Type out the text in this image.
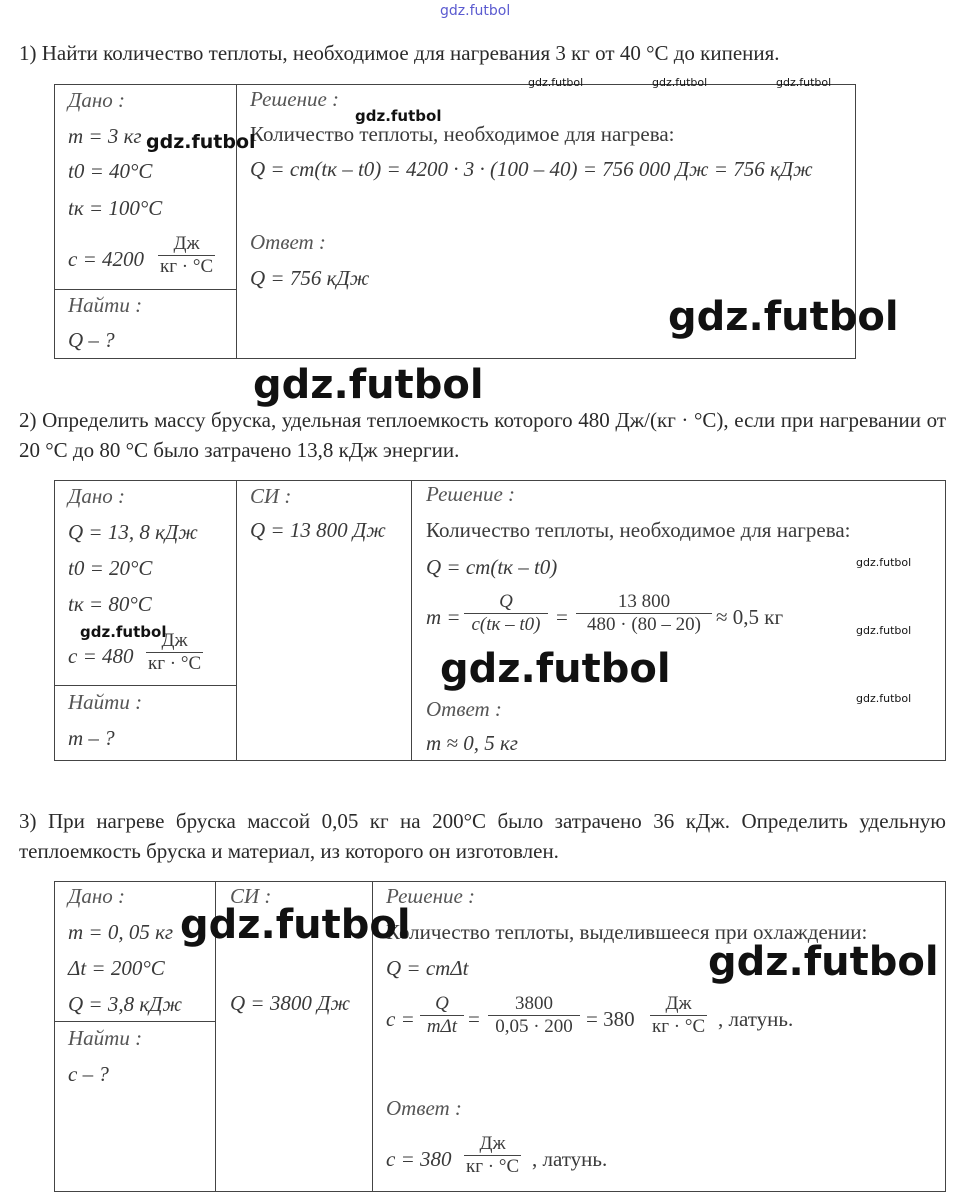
gdz.futbol
1) Найти количество теплоты, необходимое для нагревания 3 кг от 40 °С до кипения.
Дано :
m = 3 кг
t0 = 40°С
tк = 100°С
c = 4200
Дж
кг · °С
Найти :
Q – ?
Решение :
Количество теплоты, необходимое для нагрева:
Q = cm(tк – t0) = 4200 · 3 · (100 – 40) = 756 000 Дж = 756 кДж
Ответ :
Q = 756 кДж
gdz.futbol	gdz.futbol	gdz.futbol
gdz.futbol
gdz.futbol
gdz.futbol
gdz.futbol
2) Определить массу бруска, удельная теплоемкость которого 480 Дж/(кг · °С), если при нагревании от 20 °С до 80 °С было затрачено 13,8 кДж энергии.
Дано :
Q = 13, 8 кДж
t0 = 20°С
tк = 80°С
c = 480
Дж
кг · °С
Найти :
m – ?
СИ :
Q = 13 800 Дж
Решение :
Количество теплоты, необходимое для нагрева:
Q = cm(tк – t0)
m =
Q
$c(tк - t0) = \frac{13 800}{480 \cdot (80 - 20)} \approx 0,5$ кг
Ответ :
m ≈ 0, 5 кг
gdz.futbol
gdz.futbol
gdz.futbol
gdz.futbol
gdz.futbol
3) При нагреве бруска массой 0,05 кг на 200°С было затрачено 36 кДж. Определить удельную теплоемкость бруска и материал, из которого он изготовлен.
Дано :
m = 0, 05 кг
Δt = 200°С
Q = 3,8 кДж
Найти :
c – ?
СИ :
Q = 3800 Дж
Решение :
Количество теплоты, выделившееся при охлаждении:
Q = cmΔt
c =
Q
$m\Delta t = \frac{3800}{0,05 \cdot 200} = 380$
Дж
кг · °С , латунь.
Ответ :
c = 380
Дж
кг · °С , латунь.
gdz.futbol
gdz.futbol
